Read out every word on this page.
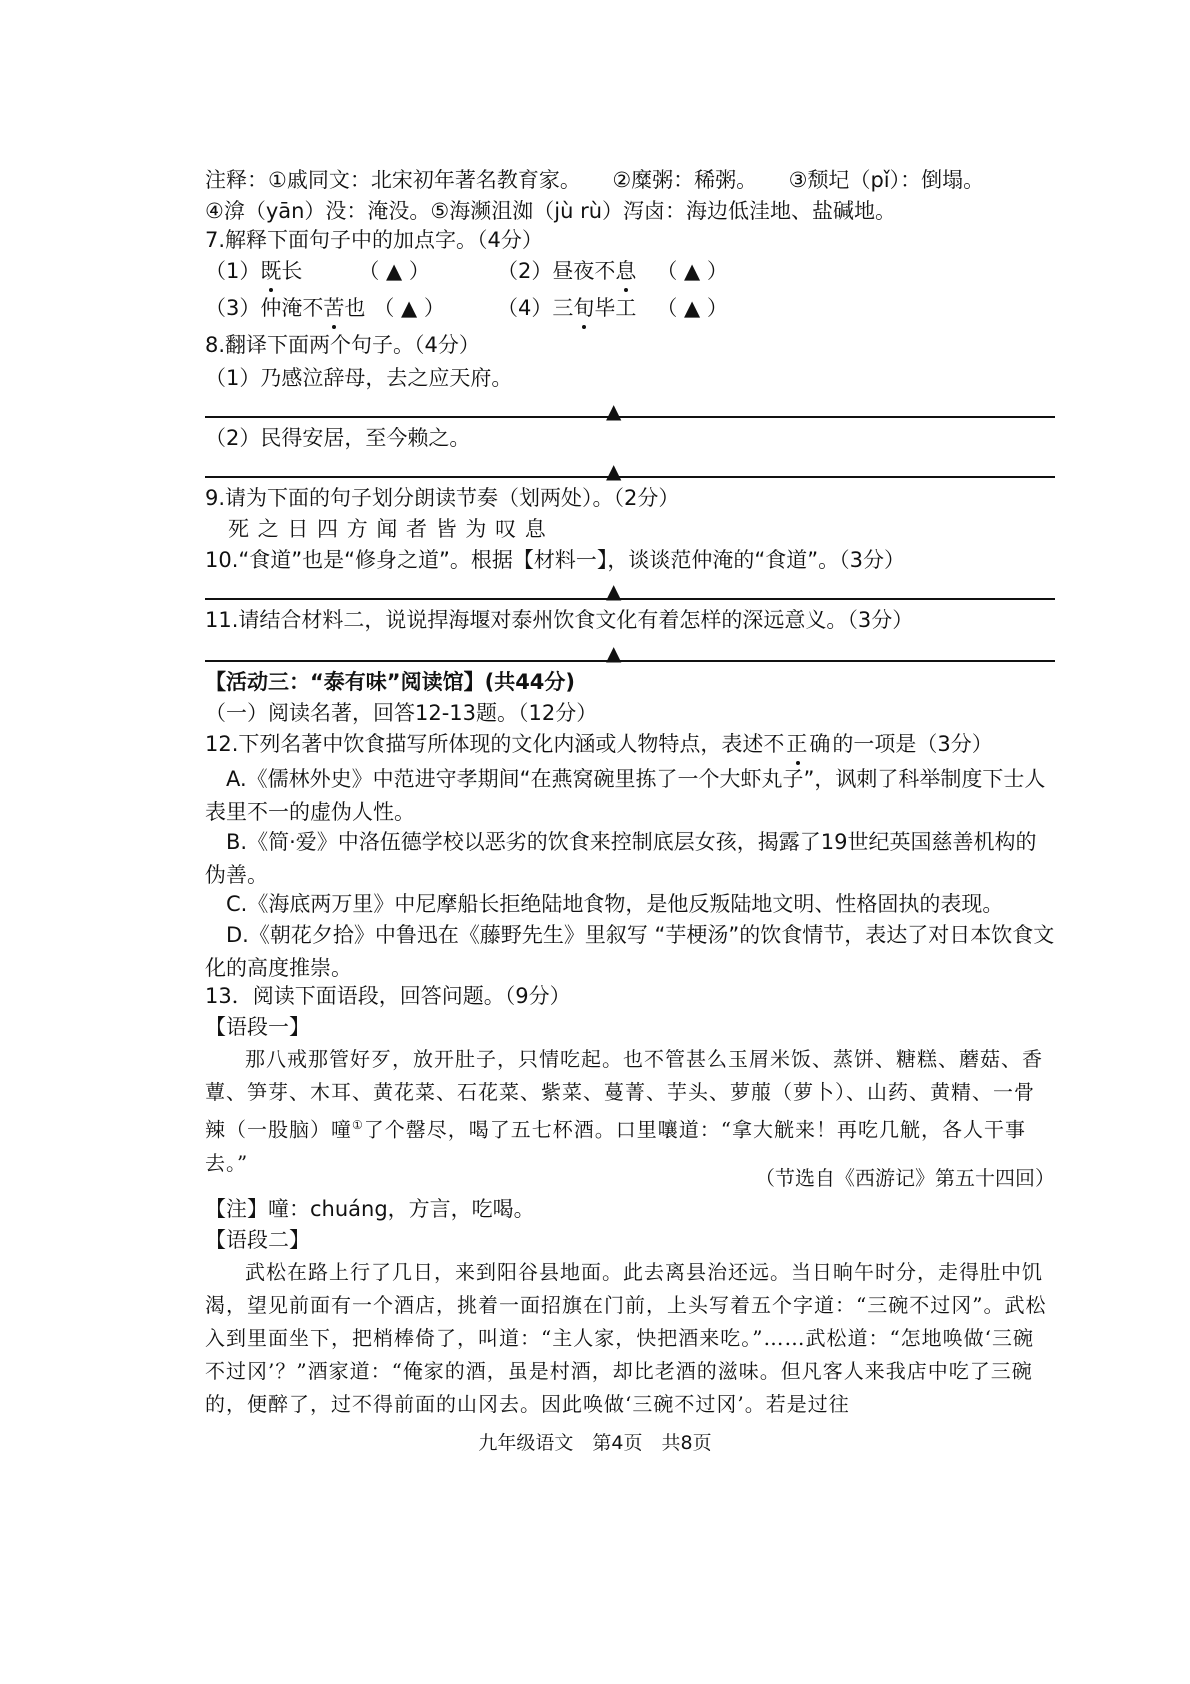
注释：①戚同文：北宋初年著名教育家。　　②糜粥：稀粥。　　③颓圮（pǐ）：倒塌。
④渰（yān）没：淹没。⑤海濒沮洳（jù rù）泻卤：海边低洼地、盐碱地。
7.解释下面句子中的加点字。（4分）
（1）既长	（ ▲ ）	（2）昼夜不息 （ ▲ ）
（3）仲淹不苦也 （ ▲ ） （4）三旬毕工 （ ▲ ）
8.翻译下面两个句子。（4分）
（1）乃感泣辞母，去之应天府。
▲
（2）民得安居，至今赖之。
▲
9.请为下面的句子划分朗读节奏（划两处）。（2分）
死 之 日 四 方 闻 者 皆 为 叹 息
10.“食道”也是“修身之道”。根据【材料一】，谈谈范仲淹的“食道”。（3分）
▲
11.请结合材料二，说说捍海堰对泰州饮食文化有着怎样的深远意义。（3分）
▲
【活动三：“泰有味”阅读馆】(共44分)
（一）阅读名著，回答12-13题。（12分）
12.下列名著中饮食描写所体现的文化内涵或人物特点，表述不正确的一项是（3分）
A.《儒林外史》中范进守孝期间“在燕窝碗里拣了一个大虾丸子”，讽刺了科举制度下士人表里不一的虚伪人性。
B.《简·爱》中洛伍德学校以恶劣的饮食来控制底层女孩，揭露了19世纪英国慈善机构的伪善。
C.《海底两万里》中尼摩船长拒绝陆地食物，是他反叛陆地文明、性格固执的表现。
D.《朝花夕拾》中鲁迅在《藤野先生》里叙写 “芋梗汤”的饮食情节，表达了对日本饮食文化的高度推崇。
13．阅读下面语段，回答问题。（9分）
【语段一】
那八戒那管好歹，放开肚子，只情吃起。也不管甚么玉屑米饭、蒸饼、糖糕、蘑菇、香蕈、笋芽、木耳、黄花菜、石花菜、紫菜、蔓菁、芋头、萝菔（萝卜）、山药、黄精、一骨辣（一股脑）噇①了个罄尽，喝了五七杯酒。口里嚷道：“拿大觥来！再吃几觥，各人干事去。”
（节选自《西游记》第五十四回）
【注】噇：chuáng，方言，吃喝。
【语段二】
武松在路上行了几日，来到阳谷县地面。此去离县治还远。当日晌午时分，走得肚中饥渴，望见前面有一个酒店，挑着一面招旗在门前，上头写着五个字道：“三碗不过冈”。武松入到里面坐下，把梢棒倚了，叫道：“主人家，快把酒来吃。”……武松道：“怎地唤做‘三碗不过冈’？”酒家道：“俺家的酒，虽是村酒，却比老酒的滋味。但凡客人来我店中吃了三碗的，便醉了，过不得前面的山冈去。因此唤做‘三碗不过冈’。若是过往
九年级语文　第4页　共8页
